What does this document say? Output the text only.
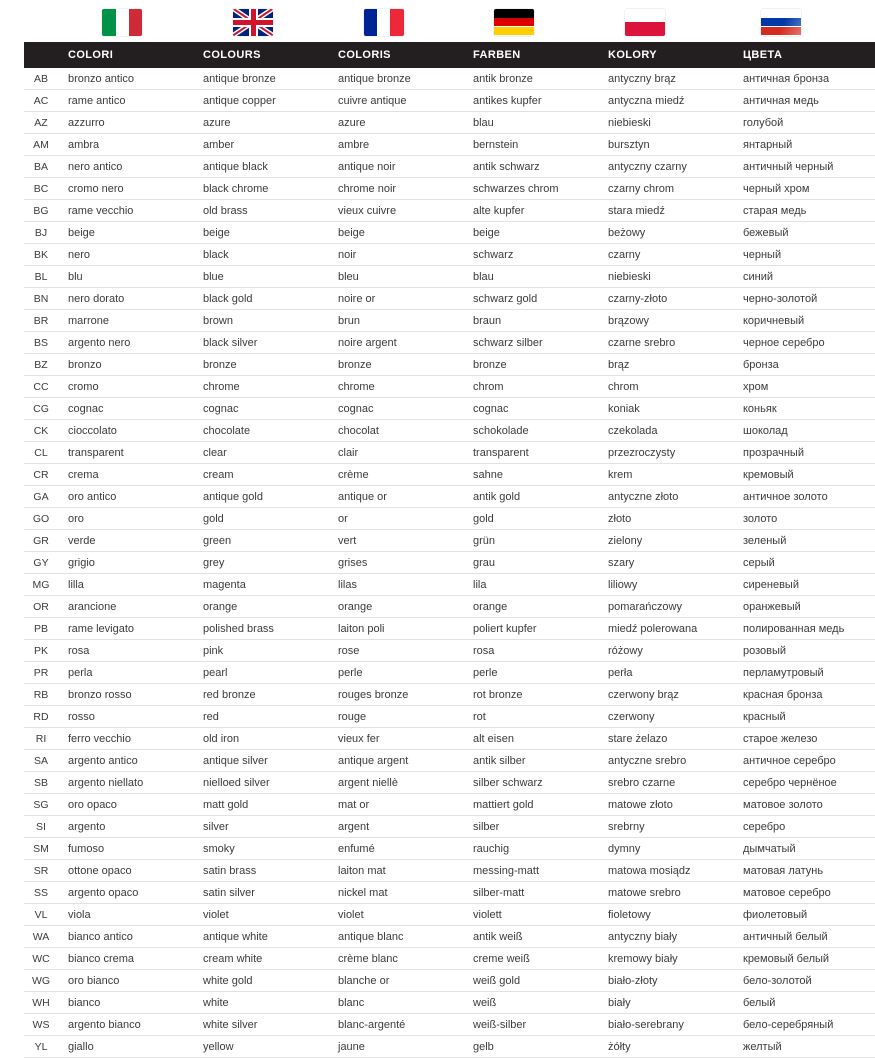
	COLORI	COLOURS	COLORIS	FARBEN	KOLORY	ЦВЕТА
AB	bronzo antico	antique bronze	antique bronze	antik bronze	antyczny brąz	античная бронза
AC	rame antico	antique copper	cuivre antique	antikes kupfer	antyczna miedź	античная медь
AZ	azzurro	azure	azure	blau	niebieski	голубой
AM	ambra	amber	ambre	bernstein	bursztyn	янтарный
BA	nero antico	antique black	antique noir	antik schwarz	antyczny czarny	античный черный
BC	cromo nero	black chrome	chrome noir	schwarzes chrom	czarny chrom	черный хром
BG	rame vecchio	old brass	vieux cuivre	alte kupfer	stara miedź	старая медь
BJ	beige	beige	beige	beige	beżowy	бежевый
BK	nero	black	noir	schwarz	czarny	черный
BL	blu	blue	bleu	blau	niebieski	синий
BN	nero dorato	black gold	noire or	schwarz gold	czarny-złoto	черно-золотой
BR	marrone	brown	brun	braun	brązowy	коричневый
BS	argento nero	black silver	noire argent	schwarz silber	czarne srebro	черное серебро
BZ	bronzo	bronze	bronze	bronze	brąz	бронза
CC	cromo	chrome	chrome	chrom	chrom	хром
CG	cognac	cognac	cognac	cognac	koniak	коньяк
CK	cioccolato	chocolate	chocolat	schokolade	czekolada	шоколад
CL	transparent	clear	clair	transparent	przezroczysty	прозрачный
CR	crema	cream	crème	sahne	krem	кремовый
GA	oro antico	antique gold	antique or	antik gold	antyczne złoto	античное золото
GO	oro	gold	or	gold	złoto	золото
GR	verde	green	vert	grün	zielony	зеленый
GY	grigio	grey	grises	grau	szary	серый
MG	lilla	magenta	lilas	lila	liliowy	сиреневый
OR	arancione	orange	orange	orange	pomarańczowy	оранжевый
PB	rame levigato	polished brass	laiton poli	poliert kupfer	miedź polerowana	полированная медь
PK	rosa	pink	rose	rosa	różowy	розовый
PR	perla	pearl	perle	perle	perła	перламутровый
RB	bronzo rosso	red bronze	rouges bronze	rot bronze	czerwony brąz	красная бронза
RD	rosso	red	rouge	rot	czerwony	красный
RI	ferro vecchio	old iron	vieux fer	alt eisen	stare żelazo	старое железо
SA	argento antico	antique silver	antique argent	antik silber	antyczne srebro	античное серебро
SB	argento niellato	nielloed silver	argent niellè	silber schwarz	srebro czarne	серебро чернёное
SG	oro opaco	matt gold	mat or	mattiert gold	matowe złoto	матовое золото
SI	argento	silver	argent	silber	srebrny	серебро
SM	fumoso	smoky	enfumé	rauchig	dymny	дымчатый
SR	ottone opaco	satin brass	laiton mat	messing-matt	matowa mosiądz	матовая латунь
SS	argento opaco	satin silver	nickel mat	silber-matt	matowe srebro	матовое серебро
VL	viola	violet	violet	violett	fioletowy	фиолетовый
WA	bianco antico	antique white	antique blanc	antik weiß	antyczny biały	античный белый
WC	bianco crema	cream white	crème blanc	creme weiß	kremowy biały	кремовый белый
WG	oro bianco	white gold	blanche or	weiß gold	biało-złoty	бело-золотой
WH	bianco	white	blanc	weiß	biały	белый
WS	argento bianco	white silver	blanc-argenté	weiß-silber	biało-serebrany	бело-серебряный
YL	giallo	yellow	jaune	gelb	żółty	желтый
